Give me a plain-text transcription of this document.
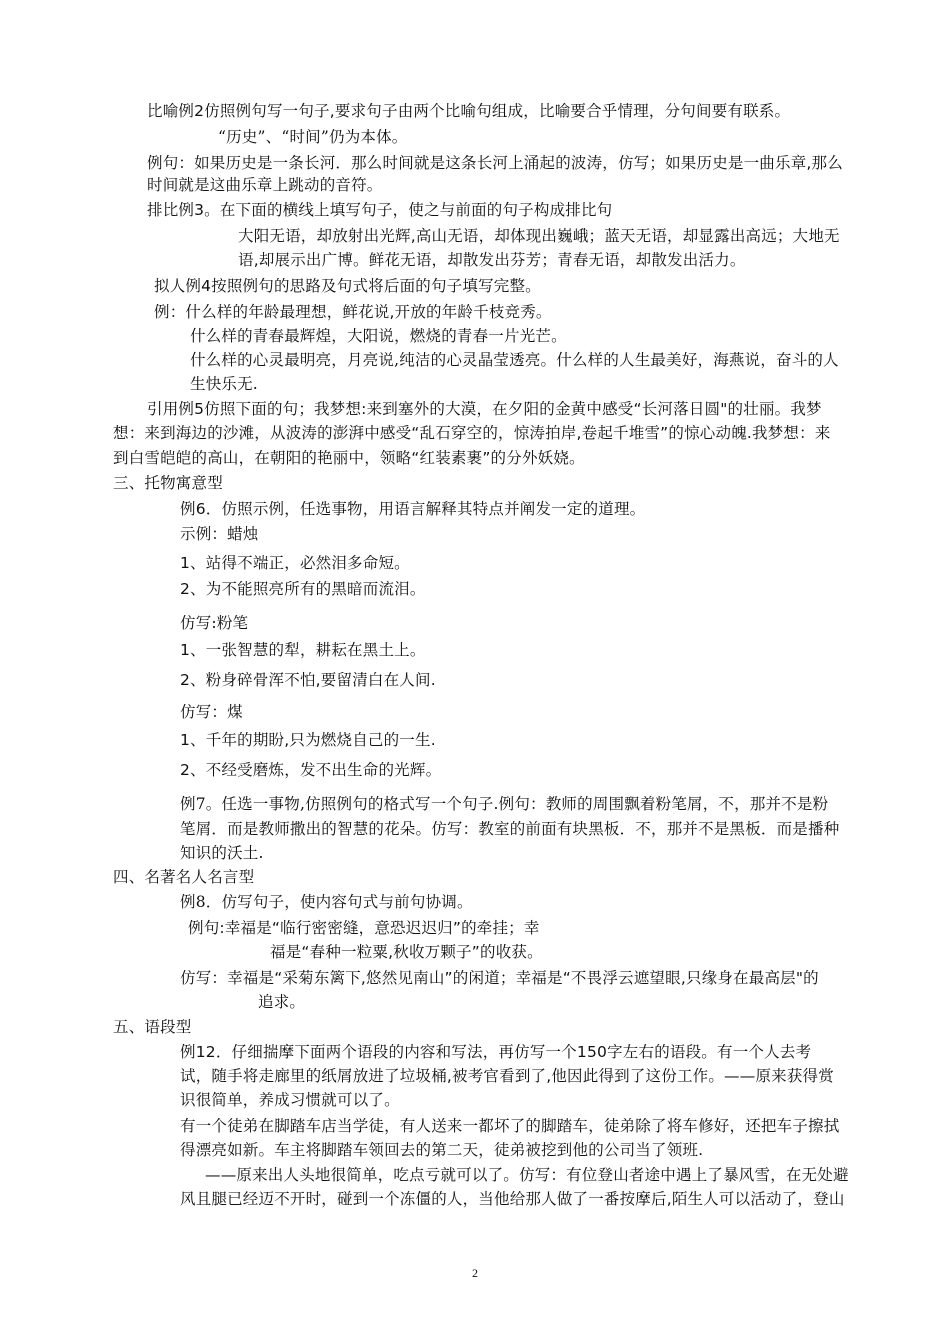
比喻例2仿照例句写一句子,要求句子由两个比喻句组成，比喻要合乎情理，分句间要有联系。
“历史”、“时间”仍为本体。
例句：如果历史是一条长河．那么时间就是这条长河上涌起的波涛，仿写；如果历史是一曲乐章,那么
时间就是这曲乐章上跳动的音符。
排比例3。在下面的横线上填写句子，使之与前面的句子构成排比句
大阳无语，却放射出光辉,高山无语，却体现出巍峨；蓝天无语，却显露出高远；大地无
语,却展示出广博。鲜花无语，却散发出芬芳；青春无语，却散发出活力。
拟人例4按照例句的思路及句式将后面的句子填写完整。
例：什么样的年龄最理想，鲜花说,开放的年龄千枝竞秀。
什么样的青春最辉煌，大阳说，燃烧的青春一片光芒。
什么样的心灵最明亮，月亮说,纯洁的心灵晶莹透亮。什么样的人生最美好，海燕说，奋斗的人
生快乐无.
引用例5仿照下面的句；我梦想:来到塞外的大漠，在夕阳的金黄中感受“长河落日圆"的壮丽。我梦
想：来到海边的沙滩，从波涛的澎湃中感受“乱石穿空的，惊涛拍岸,卷起千堆雪”的惊心动魄.我梦想：来
到白雪皑皑的高山，在朝阳的艳丽中，领略“红装素裹”的分外妖娆。
三、托物寓意型
例6．仿照示例，任选事物，用语言解释其特点并阐发一定的道理。
示例：蜡烛
1、站得不端正，必然泪多命短。
2、为不能照亮所有的黑暗而流泪。
仿写:粉笔
1、一张智慧的犁，耕耘在黑土上。
2、粉身碎骨浑不怕,要留清白在人间.
仿写：煤
1、千年的期盼,只为燃烧自己的一生.
2、不经受磨炼，发不出生命的光辉。
例7。任选一事物,仿照例句的格式写一个句子.例句：教师的周围飘着粉笔屑，不，那并不是粉
笔屑．而是教师撒出的智慧的花朵。仿写：教室的前面有块黑板．不，那并不是黑板．而是播种
知识的沃土.
四、名著名人名言型
例8．仿写句子，使内容句式与前句协调。
例句:幸福是“临行密密缝，意恐迟迟归”的牵挂；幸
福是“春种一粒粟,秋收万颗子”的收获。
仿写：幸福是“采菊东篱下,悠然见南山”的闲道；幸福是“不畏浮云遮望眼,只缘身在最高层"的
追求。
五、语段型
例12．仔细揣摩下面两个语段的内容和写法，再仿写一个150字左右的语段。有一个人去考
试，随手将走廊里的纸屑放进了垃圾桶,被考官看到了,他因此得到了这份工作。——原来获得赏
识很简单，养成习惯就可以了。
有一个徒弟在脚踏车店当学徒，有人送来一都坏了的脚踏车，徒弟除了将车修好，还把车子擦拭
得漂亮如新。车主将脚踏车领回去的第二天，徒弟被挖到他的公司当了领班.
——原来出人头地很简单，吃点亏就可以了。仿写：有位登山者途中遇上了暴风雪，在无处避
风且腿已经迈不开时，碰到一个冻僵的人，当他给那人做了一番按摩后,陌生人可以活动了，登山
2
